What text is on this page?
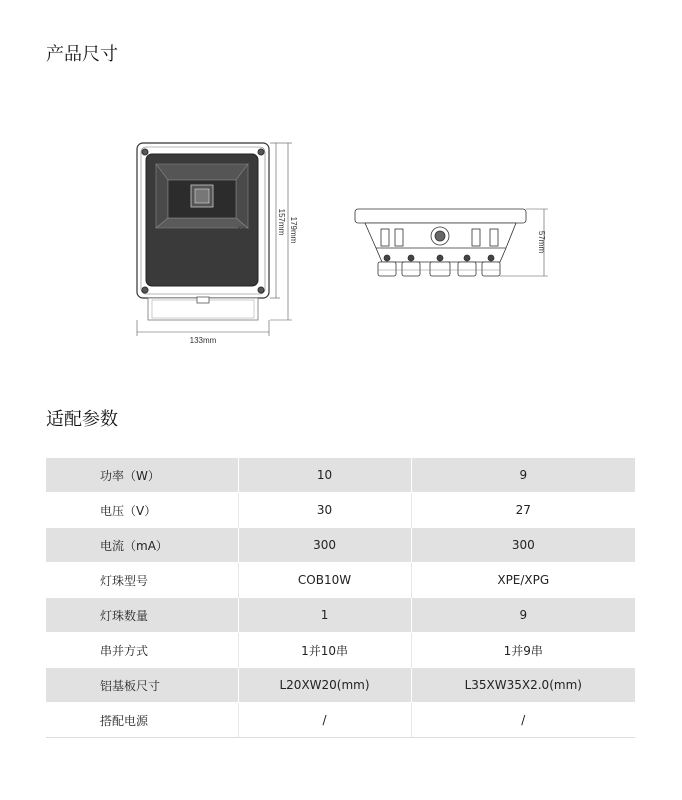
产品尺寸
IP66
133mm
157mm 179mm	57mm
适配参数
功率（W）	10	9
电压（V）	30	27
电流（mA）	300	300
灯珠型号	COB10W	XPE/XPG
灯珠数量	1	9
串并方式	1并10串	1并9串
铝基板尺寸	L20XW20(mm)	L35XW35X2.0(mm)
搭配电源	/	/
